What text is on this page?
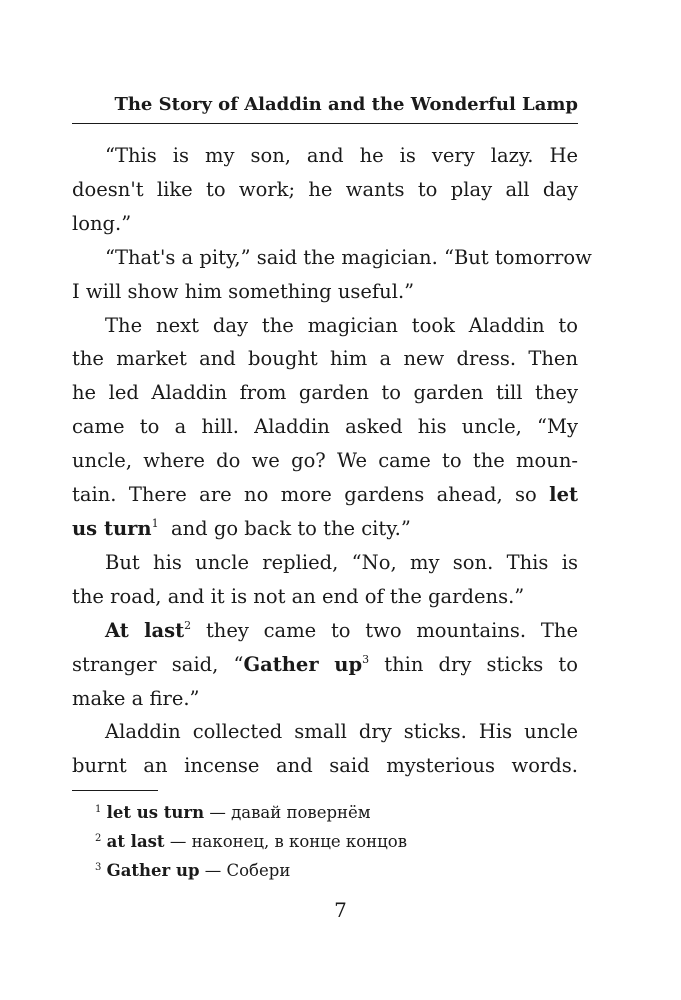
The Story of Aladdin and the Wonderful Lamp
“This is my son, and he is very lazy. He
doesn't like to work; he wants to play all day
long.”
“That's a pity,” said the magician. “But tomorrow
I will show him something useful.”
The next day the magician took Aladdin to
the market and bought him a new dress. Then
he led Aladdin from garden to garden till they
came to a hill. Aladdin asked his uncle, “My
uncle, where do we go? We came to the moun-
tain. There are no more gardens ahead, so let
us turn$^1$ and go back to the city.”
But his uncle replied, “No, my son. This is
the road, and it is not an end of the gardens.”
At last$^2$ they came to two mountains. The
stranger said, “Gather $up^3$ thin dry sticks to
make a fire.”
Aladdin collected small dry sticks. His uncle
burnt an incense and said mysterious words.
$^1$ let us turn — давай повернём
$^2$ at last — наконец, в конце концов
$^3$ Gather up — Собери
7
